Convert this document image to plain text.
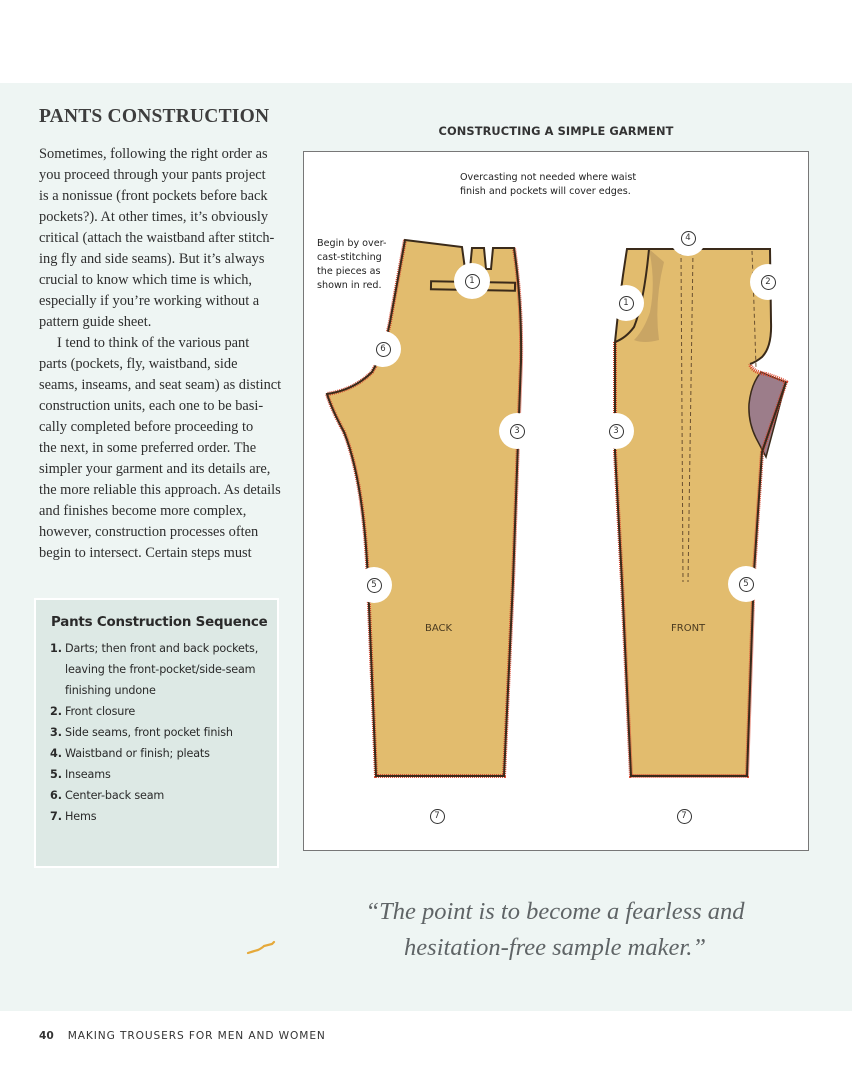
PANTS CONSTRUCTION
Sometimes, following the right order as
you proceed through your pants project
is a nonissue (front pockets before back
pockets?). At other times, it’s obviously
critical (attach the waistband after stitch-
ing fly and side seams). But it’s always
crucial to know which time is which,
especially if you’re working without a
pattern guide sheet.
I tend to think of the various pant
parts (pockets, fly, waistband, side
seams, inseams, and seat seam) as distinct
construction units, each one to be basi-
cally completed before proceeding to
the next, in some preferred order. The
simpler your garment and its details are,
the more reliable this approach. As details
and finishes become more complex,
however, construction processes often
begin to intersect. Certain steps must
Pants Construction Sequence
1. Darts; then front and back pockets,
leaving the front-pocket/side-seam
finishing undone
2. Front closure
3. Side seams, front pocket finish
4. Waistband or finish; pleats
5. Inseams
6. Center-back seam
7. Hems
CONSTRUCTING A SIMPLE GARMENT
Overcasting not needed where waist
finish and pockets will cover edges.
Begin by over-
cast-stitching
the pieces as
shown in red.
BACK	FRONT
1
6
3
5
7
4
1
2
3
5
7
“The point is to become a fearless and
hesitation-free sample maker.”
40 MAKING TROUSERS FOR MEN AND WOMEN
